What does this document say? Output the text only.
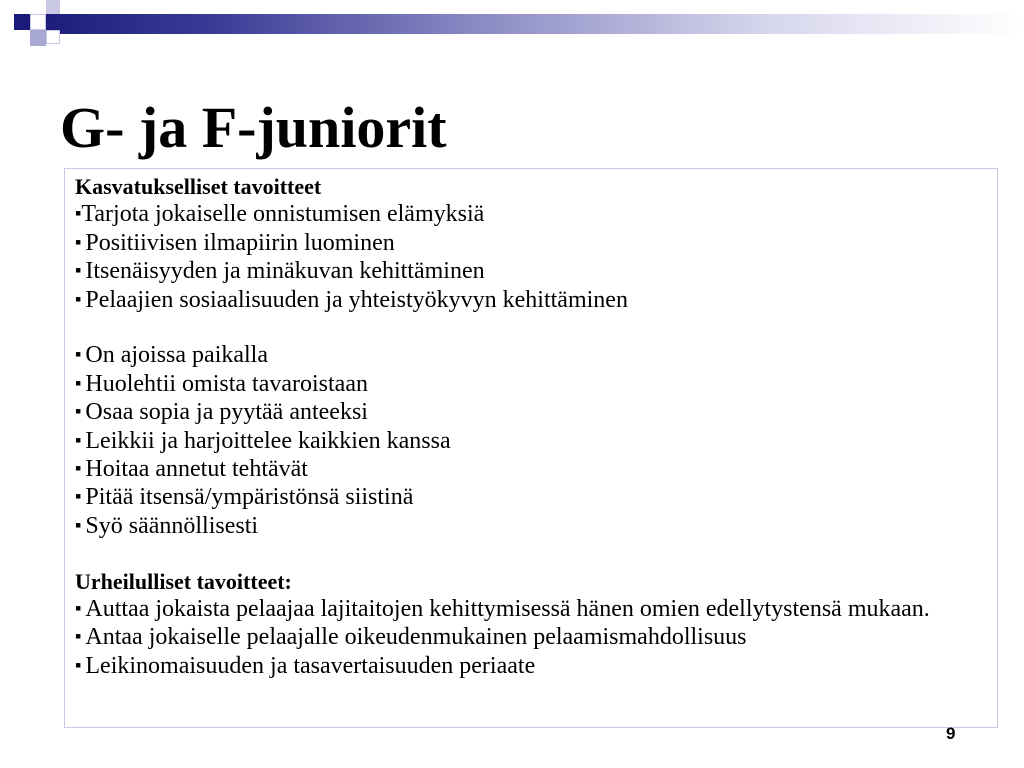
G- ja F-juniorit
Kasvatukselliset tavoitteet
▪Tarjota jokaiselle onnistumisen elämyksiä
▪ Positiivisen ilmapiirin luominen
▪ Itsenäisyyden ja minäkuvan kehittäminen
▪ Pelaajien sosiaalisuuden ja yhteistyökyvyn kehittäminen
▪ On ajoissa paikalla
▪ Huolehtii omista tavaroistaan
▪ Osaa sopia ja pyytää anteeksi
▪ Leikkii ja harjoittelee kaikkien kanssa
▪ Hoitaa annetut tehtävät
▪ Pitää itsensä/ympäristönsä siistinä
▪ Syö säännöllisesti
Urheilulliset tavoitteet:
▪ Auttaa jokaista pelaajaa lajitaitojen kehittymisessä hänen omien edellytystensä mukaan.
▪ Antaa jokaiselle pelaajalle oikeudenmukainen pelaamismahdollisuus
▪ Leikinomaisuuden ja tasavertaisuuden periaate
9
